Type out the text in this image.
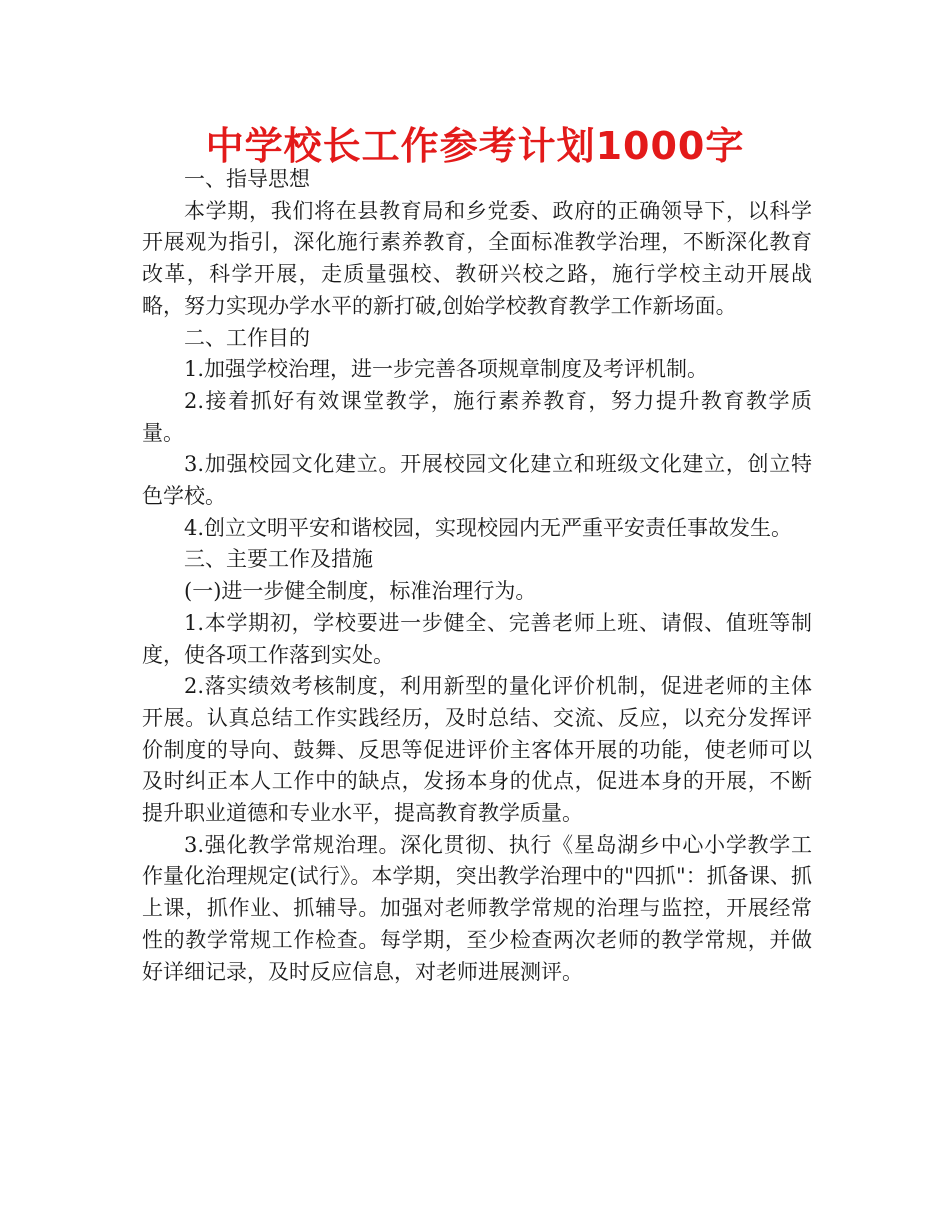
中学校长工作参考计划1000字

一、指导思想

本学期，我们将在县教育局和乡党委、政府的正确领导下，以科学开展观为指引，深化施行素养教育，全面标准教学治理，不断深化教育改革，科学开展，走质量强校、教研兴校之路，施行学校主动开展战略，努力实现办学水平的新打破,创始学校教育教学工作新场面。

二、工作目的

1.加强学校治理，进一步完善各项规章制度及考评机制。

2.接着抓好有效课堂教学，施行素养教育，努力提升教育教学质量。

3.加强校园文化建立。开展校园文化建立和班级文化建立，创立特色学校。

4.创立文明平安和谐校园，实现校园内无严重平安责任事故发生。

三、主要工作及措施

(一)进一步健全制度，标准治理行为。

1.本学期初，学校要进一步健全、完善老师上班、请假、值班等制度，使各项工作落到实处。

2.落实绩效考核制度，利用新型的量化评价机制，促进老师的主体开展。认真总结工作实践经历，及时总结、交流、反应，以充分发挥评价制度的导向、鼓舞、反思等促进评价主客体开展的功能，使老师可以及时纠正本人工作中的缺点，发扬本身的优点，促进本身的开展，不断提升职业道德和专业水平，提高教育教学质量。

3.强化教学常规治理。深化贯彻、执行《星岛湖乡中心小学教学工作量化治理规定(试行》。本学期，突出教学治理中的"四抓"：抓备课、抓上课，抓作业、抓辅导。加强对老师教学常规的治理与监控，开展经常性的教学常规工作检查。每学期，至少检查两次老师的教学常规，并做好详细记录，及时反应信息，对老师进展测评。
